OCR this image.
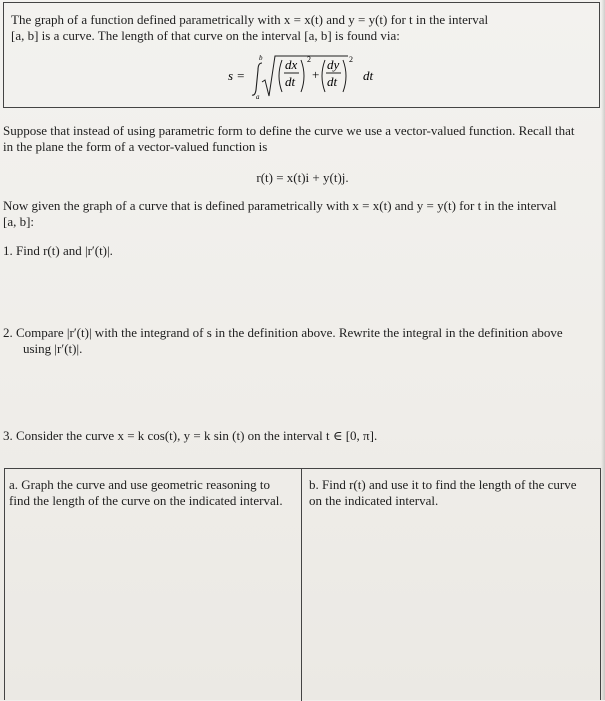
The graph of a function defined parametrically with x = x(t) and y = y(t) for t in the interval
[a, b] is a curve. The length of that curve on the interval [a, b] is found via:
s =
b
a
dx
dt
2
+
dy
dt
2
dt
Suppose that instead of using parametric form to define the curve we use a vector-valued function. Recall that
in the plane the form of a vector-valued function is
r(t) = x(t)i + y(t)j.
Now given the graph of a curve that is defined parametrically with x = x(t) and y = y(t) for t in the interval
[a, b]:
1. Find r(t) and |r′(t)|.
2. Compare |r′(t)| with the integrand of s in the definition above. Rewrite the integral in the definition above
using |r′(t)|.
3. Consider the curve x = k cos(t), y = k sin (t) on the interval t ∈ [0, π].
a. Graph the curve and use geometric reasoning to
find the length of the curve on the indicated interval.
b. Find r(t) and use it to find the length of the curve
on the indicated interval.
